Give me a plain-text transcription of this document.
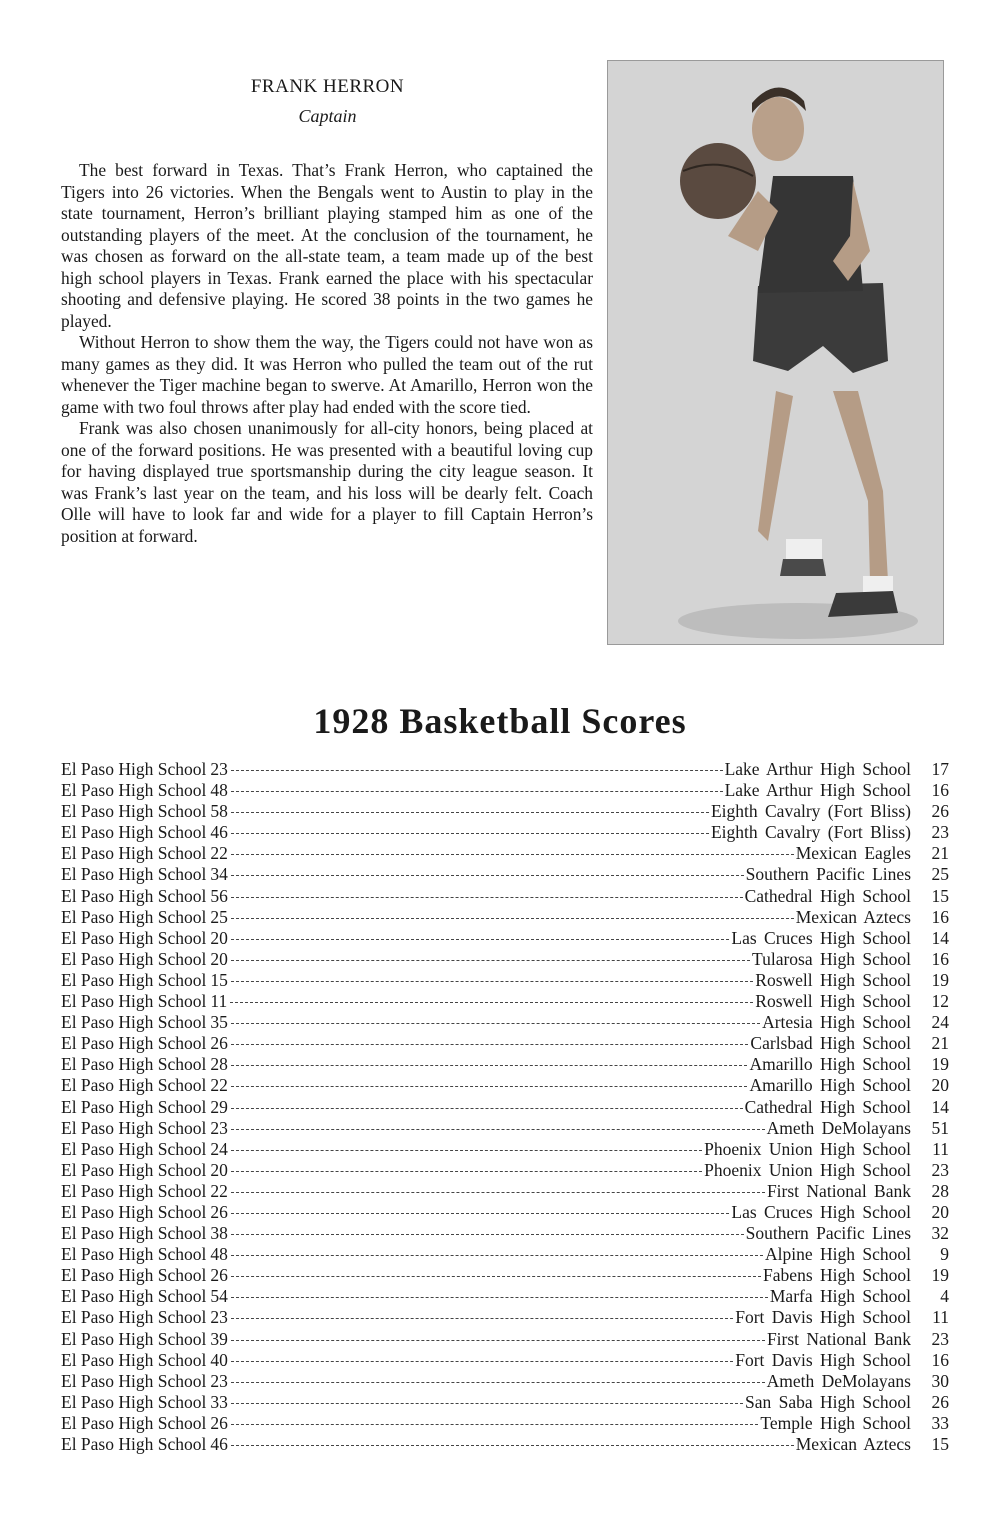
FRANK HERRON
Captain

The best forward in Texas. That’s Frank Herron, who captained the Tigers into 26 victories. When the Bengals went to Austin to play in the state tournament, Herron’s brilliant playing stamped him as one of the outstanding players of the meet. At the conclusion of the tournament, he was chosen as forward on the all-state team, a team made up of the best high school players in Texas. Frank earned the place with his spectacular shooting and defensive playing. He scored 38 points in the two games he played.

Without Herron to show them the way, the Tigers could not have won as many games as they did. It was Herron who pulled the team out of the rut whenever the Tiger machine began to swerve. At Amarillo, Herron won the game with two foul throws after play had ended with the score tied.

Frank was also chosen unanimously for all-city honors, being placed at one of the forward positions. He was presented with a beautiful loving cup for having displayed true sportsmanship during the city league season. It was Frank’s last year on the team, and his loss will be dearly felt. Coach Olle will have to look far and wide for a player to fill Captain Herron’s position at forward.

1928 Basketball Scores
El Paso High School 23	Lake Arthur High School	17
El Paso High School 48	Lake Arthur High School	16
El Paso High School 58	Eighth Cavalry (Fort Bliss)	26
El Paso High School 46	Eighth Cavalry (Fort Bliss)	23
El Paso High School 22	Mexican Eagles	21
El Paso High School 34	Southern Pacific Lines	25
El Paso High School 56	Cathedral High School	15
El Paso High School 25	Mexican Aztecs	16
El Paso High School 20	Las Cruces High School	14
El Paso High School 20	Tularosa High School	16
El Paso High School 15	Roswell High School	19
El Paso High School 11	Roswell High School	12
El Paso High School 35	Artesia High School	24
El Paso High School 26	Carlsbad High School	21
El Paso High School 28	Amarillo High School	19
El Paso High School 22	Amarillo High School	20
El Paso High School 29	Cathedral High School	14
El Paso High School 23	Ameth DeMolayans	51
El Paso High School 24	Phoenix Union High School	11
El Paso High School 20	Phoenix Union High School	23
El Paso High School 22	First National Bank	28
El Paso High School 26	Las Cruces High School	20
El Paso High School 38	Southern Pacific Lines	32
El Paso High School 48	Alpine High School	9
El Paso High School 26	Fabens High School	19
El Paso High School 54	Marfa High School	4
El Paso High School 23	Fort Davis High School	11
El Paso High School 39	First National Bank	23
El Paso High School 40	Fort Davis High School	16
El Paso High School 23	Ameth DeMolayans	30
El Paso High School 33	San Saba High School	26
El Paso High School 26	Temple High School	33
El Paso High School 46	Mexican Aztecs	15
